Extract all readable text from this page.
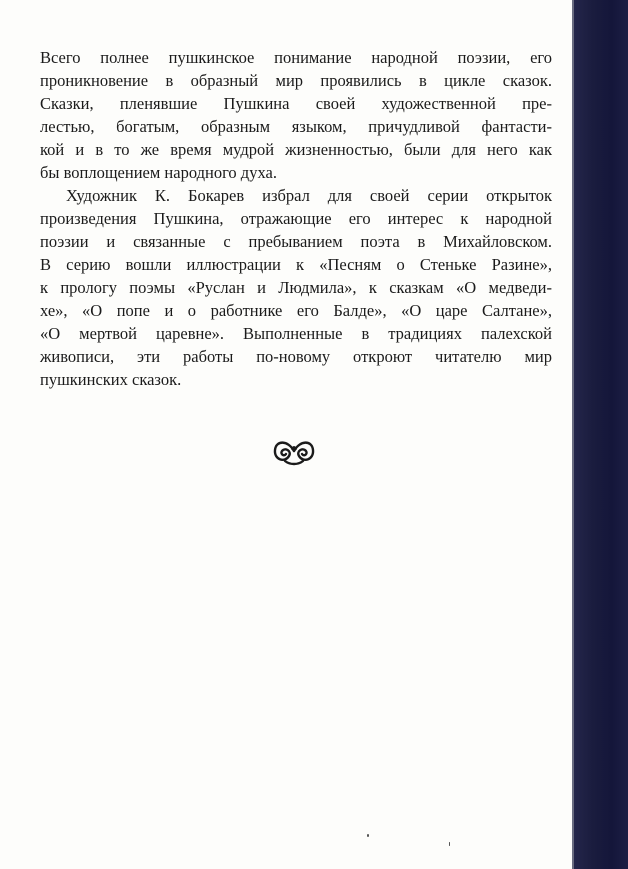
Всего полнее пушкинское понимание народной поэзии, его
проникновение в образный мир проявились в цикле сказок.
Сказки, пленявшие Пушкина своей художественной пре-
лестью, богатым, образным языком, причудливой фантасти-
кой и в то же время мудрой жизненностью, были для него как
бы воплощением народного духа.
Художник К. Бокарев избрал для своей серии открыток
произведения Пушкина, отражающие его интерес к народной
поэзии и связанные с пребыванием поэта в Михайловском.
В серию вошли иллюстрации к «Песням о Стеньке Разине»,
к прологу поэмы «Руслан и Людмила», к сказкам «О медведи-
хе», «О попе и о работнике его Балде», «О царе Салтане»,
«О мертвой царевне». Выполненные в традициях палехской
живописи, эти работы по-новому откроют читателю мир
пушкинских сказок.
